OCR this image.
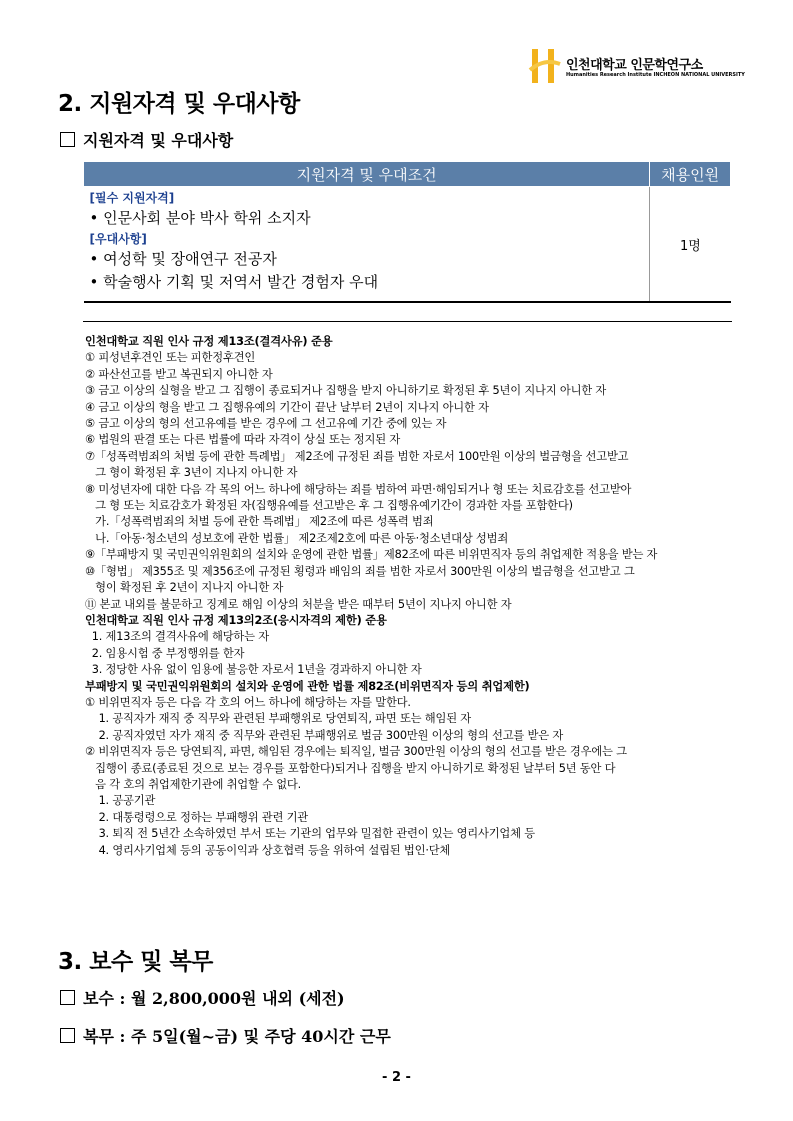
인천대학교 인문학연구소
Humanities Research Institute INCHEON NATIONAL UNIVERSITY
2. 지원자격 및 우대사항
지원자격 및 우대사항
지원자격 및 우대조건	채용인원

[필수 지원자격]
• 인문사회 분야 박사 학위 소지자
[우대사항]
• 여성학 및 장애연구 전공자
• 학술행사 기획 및 저역서 발간 경험자 우대	1명
인천대학교 직원 인사 규정 제13조(결격사유) 준용
① 피성년후견인 또는 피한정후견인
② 파산선고를 받고 복권되지 아니한 자
③ 금고 이상의 실형을 받고 그 집행이 종료되거나 집행을 받지 아니하기로 확정된 후 5년이 지나지 아니한 자
④ 금고 이상의 형을 받고 그 집행유예의 기간이 끝난 날부터 2년이 지나지 아니한 자
⑤ 금고 이상의 형의 선고유예를 받은 경우에 그 선고유예 기간 중에 있는 자
⑥ 법원의 판결 또는 다른 법률에 따라 자격이 상실 또는 정지된 자
⑦「성폭력범죄의 처벌 등에 관한 특례법」 제2조에 규정된 죄를 범한 자로서 100만원 이상의 벌금형을 선고받고
그 형이 확정된 후 3년이 지나지 아니한 자
⑧ 미성년자에 대한 다음 각 목의 어느 하나에 해당하는 죄를 범하여 파면·해임되거나 형 또는 치료감호를 선고받아
그 형 또는 치료감호가 확정된 자(집행유예를 선고받은 후 그 집행유예기간이 경과한 자를 포함한다)
가.「성폭력범죄의 처벌 등에 관한 특례법」 제2조에 따른 성폭력 범죄
나.「아동·청소년의 성보호에 관한 법률」 제2조제2호에 따른 아동·청소년대상 성범죄
⑨「부패방지 및 국민권익위원회의 설치와 운영에 관한 법률」제82조에 따른 비위면직자 등의 취업제한 적용을 받는 자
⑩「형법」 제355조 및 제356조에 규정된 횡령과 배임의 죄를 범한 자로서 300만원 이상의 벌금형을 선고받고 그
형이 확정된 후 2년이 지나지 아니한 자
⑪ 본교 내외를 불문하고 징계로 해임 이상의 처분을 받은 때부터 5년이 지나지 아니한 자
인천대학교 직원 인사 규정 제13의2조(응시자격의 제한) 준용
1. 제13조의 결격사유에 해당하는 자
2. 임용시험 중 부정행위를 한자
3. 정당한 사유 없이 임용에 불응한 자로서 1년을 경과하지 아니한 자
부패방지 및 국민권익위원회의 설치와 운영에 관한 법률 제82조(비위면직자 등의 취업제한)
① 비위면직자 등은 다음 각 호의 어느 하나에 해당하는 자를 말한다.
1. 공직자가 재직 중 직무와 관련된 부패행위로 당연퇴직, 파면 또는 해임된 자
2. 공직자였던 자가 재직 중 직무와 관련된 부패행위로 벌금 300만원 이상의 형의 선고를 받은 자
② 비위면직자 등은 당연퇴직, 파면, 해임된 경우에는 퇴직일, 벌금 300만원 이상의 형의 선고를 받은 경우에는 그
집행이 종료(종료된 것으로 보는 경우를 포함한다)되거나 집행을 받지 아니하기로 확정된 날부터 5년 동안 다
음 각 호의 취업제한기관에 취업할 수 없다.
1. 공공기관
2. 대통령령으로 정하는 부패행위 관련 기관
3. 퇴직 전 5년간 소속하였던 부서 또는 기관의 업무와 밀접한 관련이 있는 영리사기업체 등
4. 영리사기업체 등의 공동이익과 상호협력 등을 위하여 설립된 법인·단체
3. 보수 및 복무
보수 : 월 2,800,000원 내외 (세전)
복무 : 주 5일(월~금) 및 주당 40시간 근무
- 2 -
